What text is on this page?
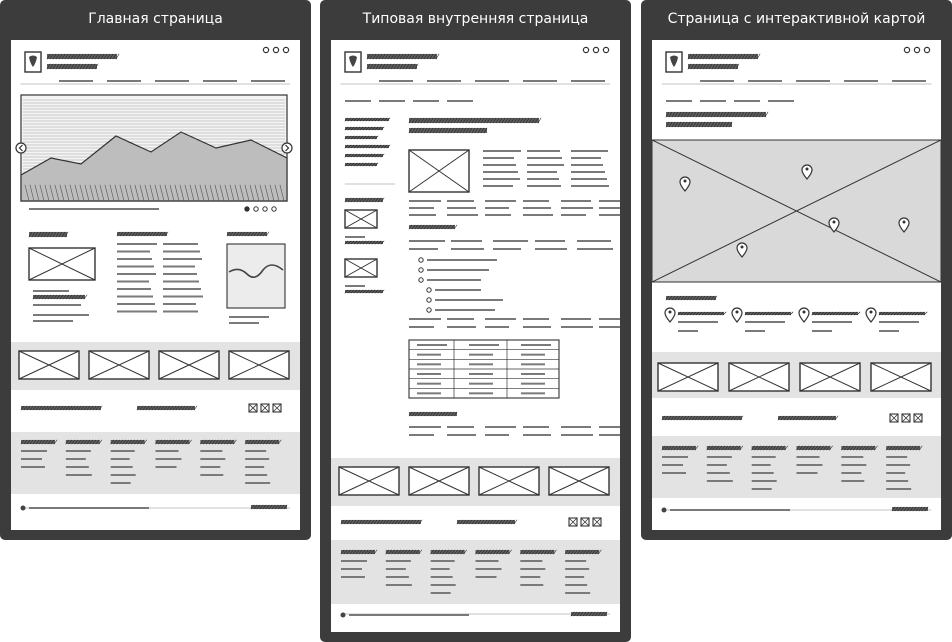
Главная страница	Типовая внутренняя страница	Страница с интерактивной картой
